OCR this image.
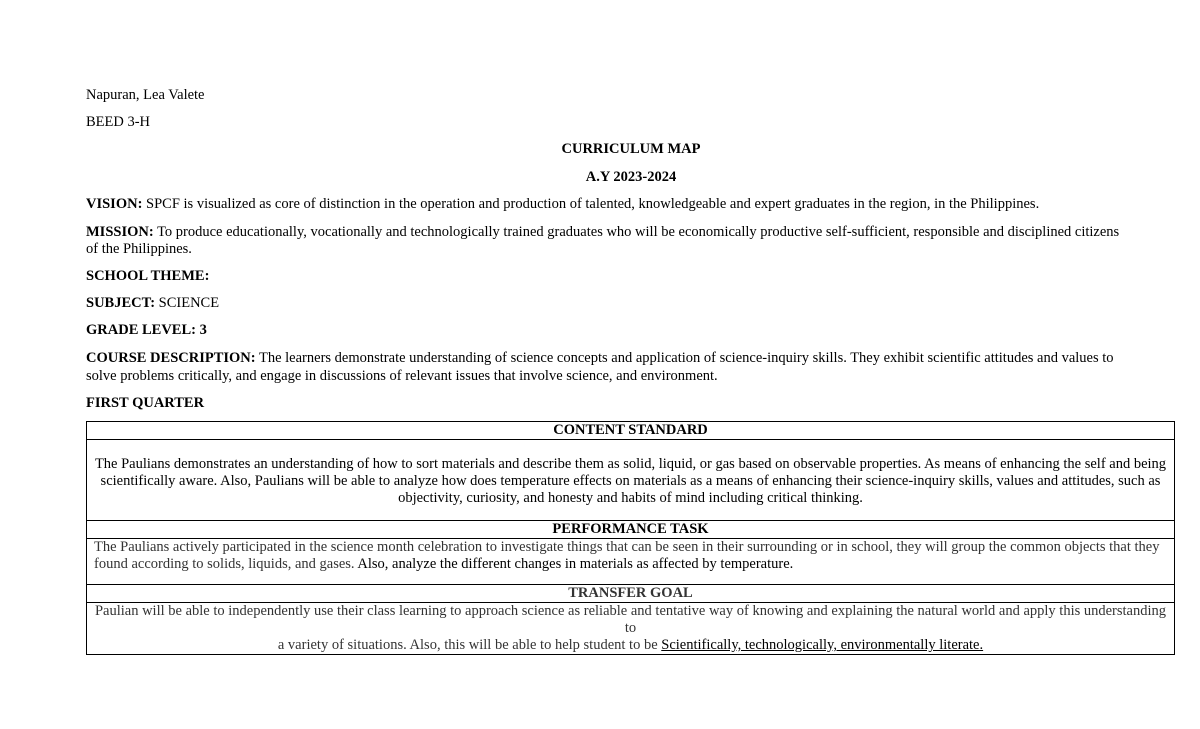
Napuran, Lea Valete
BEED 3-H
CURRICULUM MAP
A.Y 2023-2024
VISION: SPCF is visualized as core of distinction in the operation and production of talented, knowledgeable and expert graduates in the region, in the Philippines.
MISSION: To produce educationally, vocationally and technologically trained graduates who will be economically productive self-sufficient, responsible and disciplined citizens
of the Philippines.
SCHOOL THEME:
SUBJECT: SCIENCE
GRADE LEVEL: 3
COURSE DESCRIPTION: The learners demonstrate understanding of science concepts and application of science-inquiry skills. They exhibit scientific attitudes and values to
solve problems critically, and engage in discussions of relevant issues that involve science, and environment.
FIRST QUARTER
CONTENT STANDARD

The Paulians demonstrates an understanding of how to sort materials and describe them as solid, liquid, or gas based on observable properties. As means of enhancing the self and being
scientifically aware. Also, Paulians will be able to analyze how does temperature effects on materials as a means of enhancing their science-inquiry skills, values and attitudes, such as
objectivity, curiosity, and honesty and habits of mind including critical thinking.

PERFORMANCE TASK

The Paulians actively participated in the science month celebration to investigate things that can be seen in their surrounding or in school, they will group the common objects that they
found according to solids, liquids, and gases. Also, analyze the different changes in materials as affected by temperature.

TRANSFER GOAL

Paulian will be able to independently use their class learning to approach science as reliable and tentative way of knowing and explaining the natural world and apply this understanding to
a variety of situations. Also, this will be able to help student to be Scientifically, technologically, environmentally literate.
